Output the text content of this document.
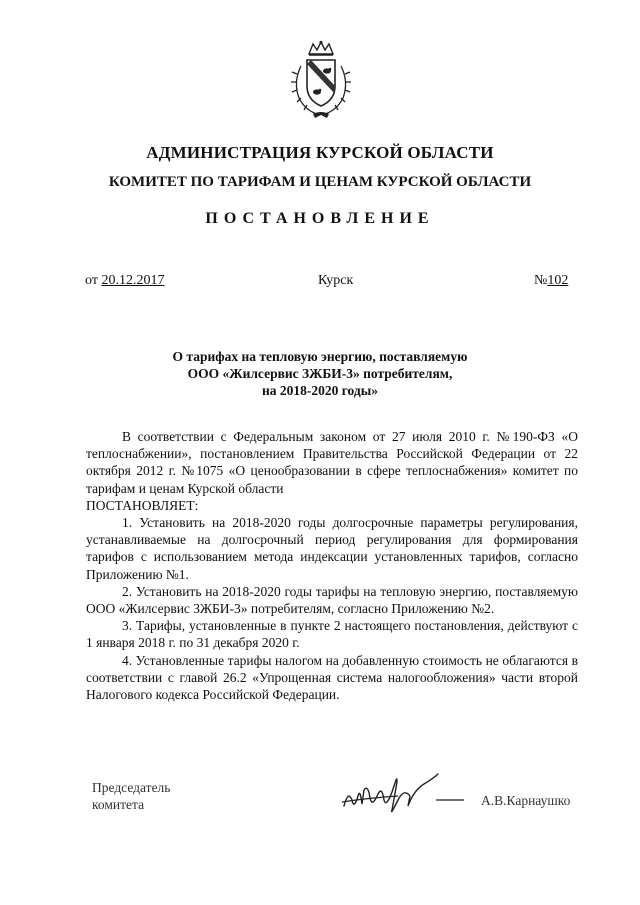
АДМИНИСТРАЦИЯ КУРСКОЙ ОБЛАСТИ
КОМИТЕТ ПО ТАРИФАМ И ЦЕНАМ КУРСКОЙ ОБЛАСТИ
ПОСТАНОВЛЕНИЕ
от 20.12.2017	Курск	№102
О тарифах на тепловую энергию, поставляемую
ООО «Жилсервис ЗЖБИ-3» потребителям,
на 2018-2020 годы»

В соответствии с Федеральным законом от 27 июля 2010 г. №190-ФЗ «О теплоснабжении», постановлением Правительства Российской Федерации от 22 октября 2012 г. №1075 «О ценообразовании в сфере теплоснабжения» комитет по тарифам и ценам Курской области

ПОСТАНОВЛЯЕТ:

1. Установить на 2018-2020 годы долгосрочные параметры регулирования, устанавливаемые на долгосрочный период регулирования для формирования тарифов с использованием метода индексации установленных тарифов, согласно Приложению №1.

2. Установить на 2018-2020 годы тарифы на тепловую энергию, поставляемую ООО «Жилсервис ЗЖБИ-3» потребителям, согласно Приложению №2.

3. Тарифы, установленные в пункте 2 настоящего постановления, действуют с 1 января 2018 г. по 31 декабря 2020 г.

4. Установленные тарифы налогом на добавленную стоимость не облагаются в соответствии с главой 26.2 «Упрощенная система налогообложения» части второй Налогового кодекса Российской Федерации.

Председатель
комитета	А.В.Карнаушко
